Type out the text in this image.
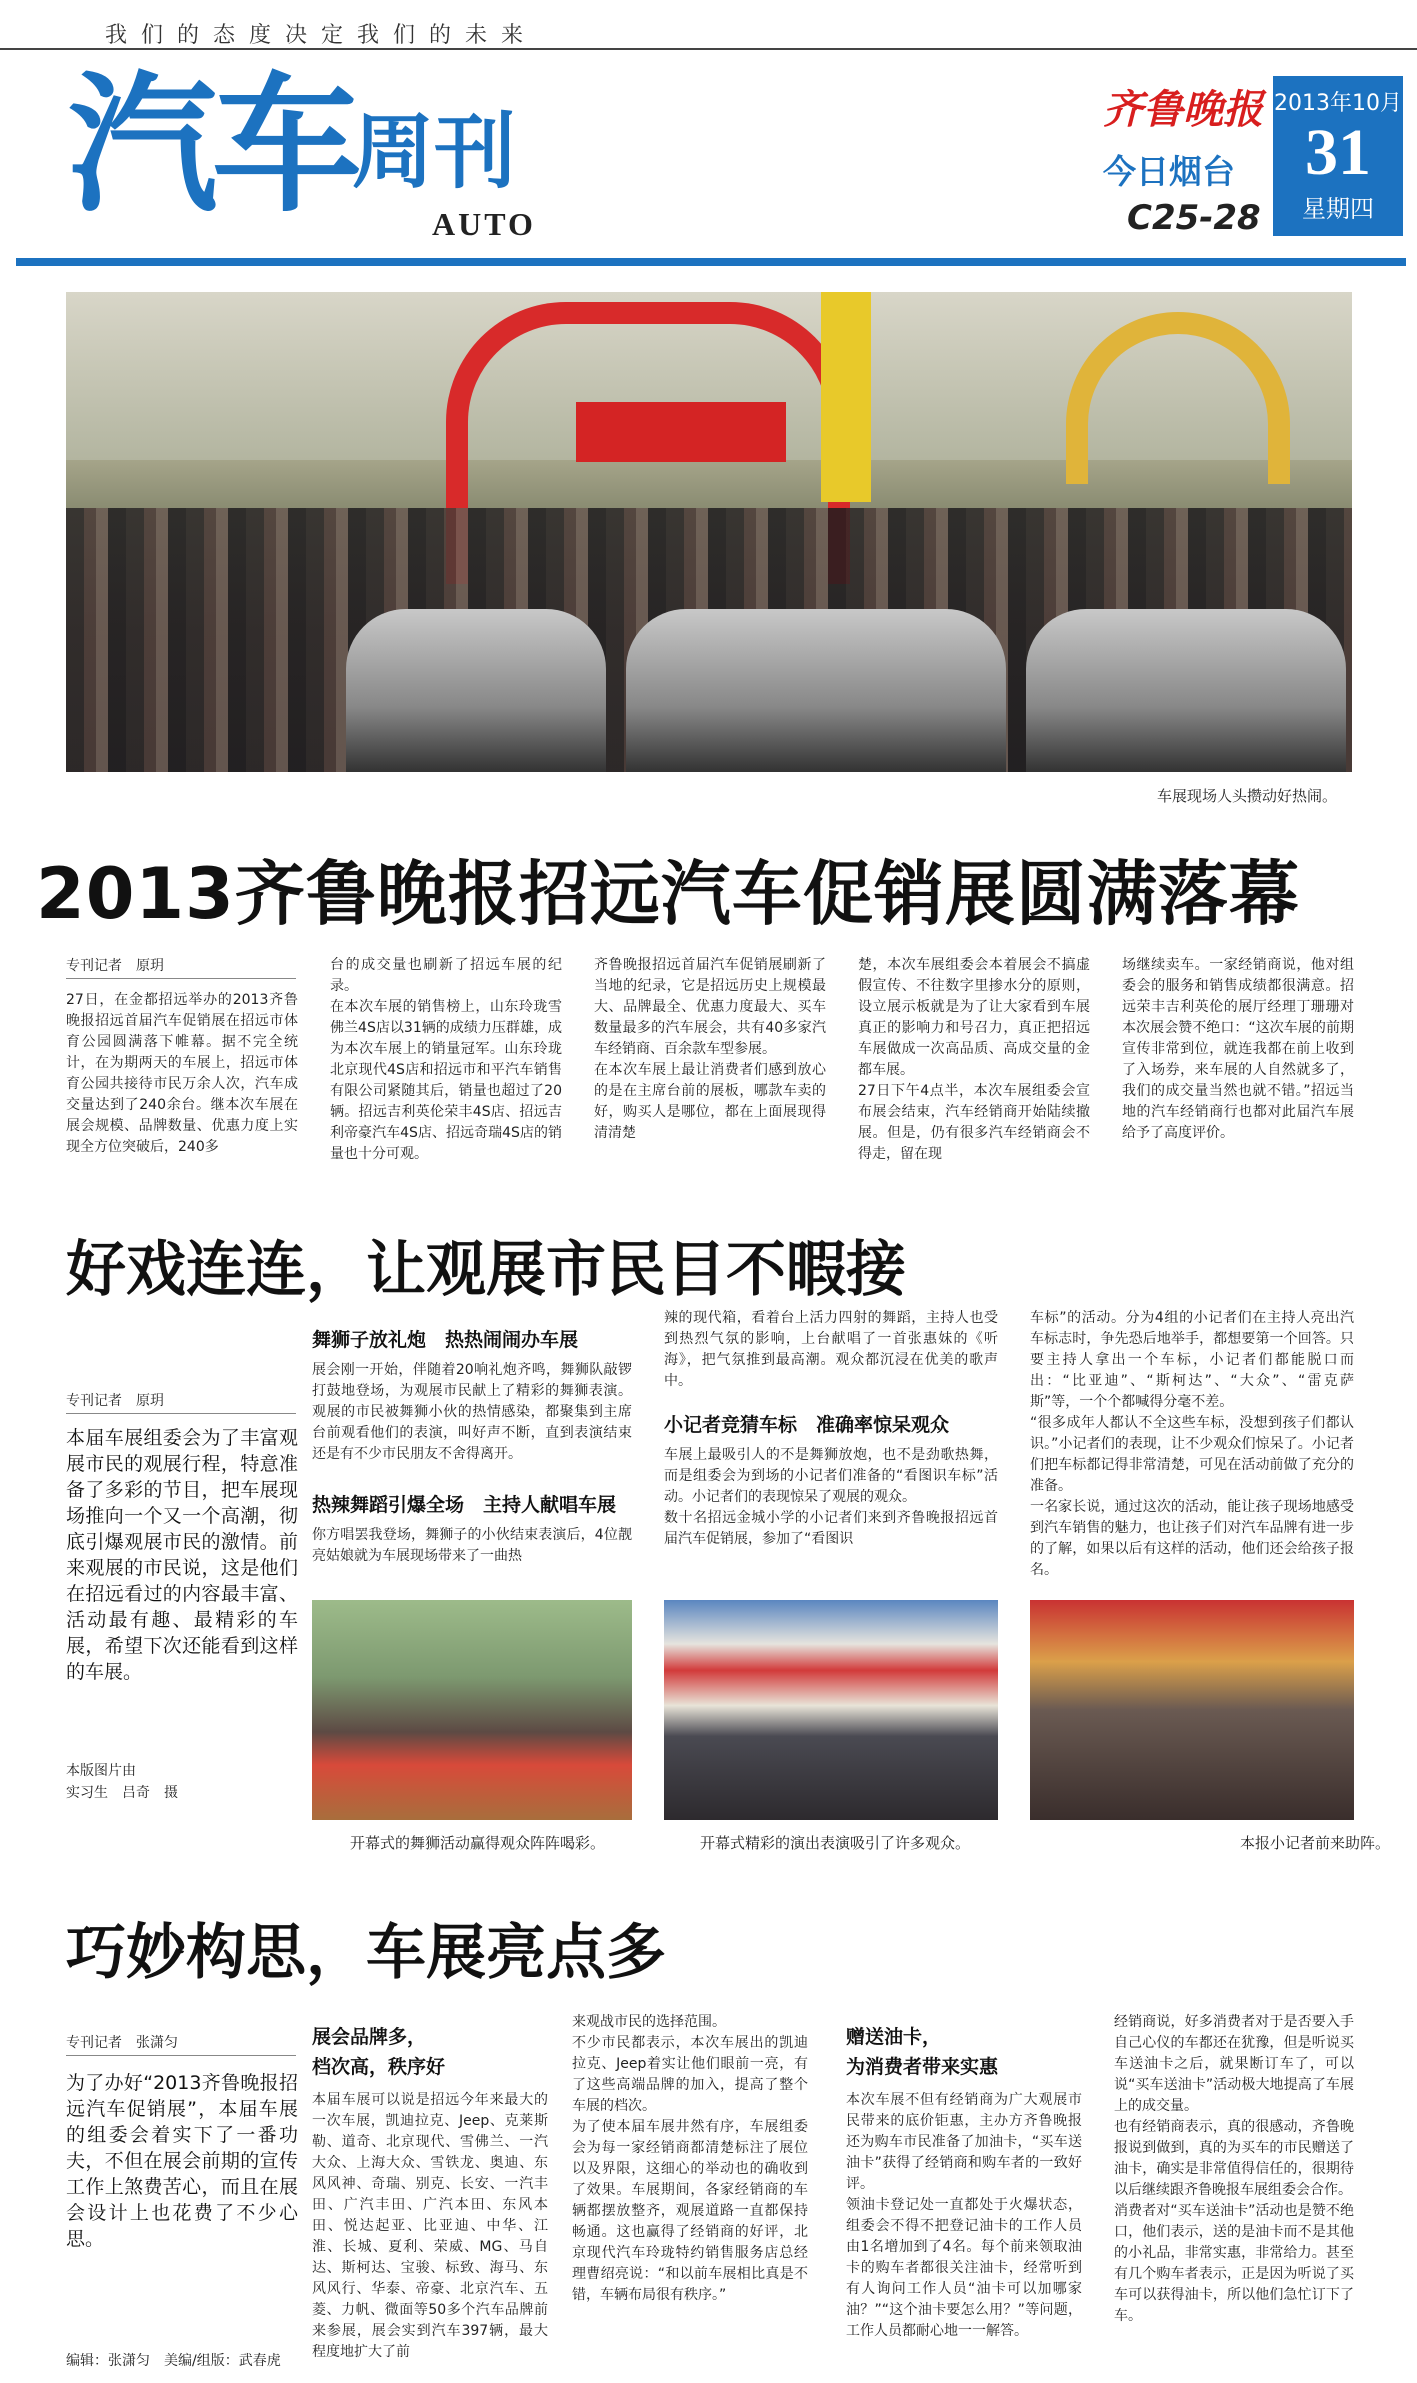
我们的态度决定我们的未来
汽车
周刊
AUTO
齐鲁晚报
今日烟台
C25-28
2013年10月
31
星期四
车展现场人头攒动好热闹。
2013齐鲁晚报招远汽车促销展圆满落幕
专刊记者　原玥
27日，在金都招远举办的2013齐鲁晚报招远首届汽车促销展在招远市体育公园圆满落下帷幕。据不完全统计，在为期两天的车展上，招远市体育公园共接待市民万余人次，汽车成交量达到了240余台。继本次车展在展会规模、品牌数量、优惠力度上实现全方位突破后，240多
台的成交量也刷新了招远车展的纪录。
在本次车展的销售榜上，山东玲珑雪佛兰4S店以31辆的成绩力压群雄，成为本次车展上的销量冠军。山东玲珑北京现代4S店和招远市和平汽车销售有限公司紧随其后，销量也超过了20辆。招远吉利英伦荣丰4S店、招远吉利帝豪汽车4S店、招远奇瑞4S店的销量也十分可观。
齐鲁晚报招远首届汽车促销展刷新了当地的纪录，它是招远历史上规模最大、品牌最全、优惠力度最大、买车数量最多的汽车展会，共有40多家汽车经销商、百余款车型参展。
在本次车展上最让消费者们感到放心的是在主席台前的展板，哪款车卖的好，购买人是哪位，都在上面展现得清清楚
楚，本次车展组委会本着展会不搞虚假宣传、不往数字里掺水分的原则，设立展示板就是为了让大家看到车展真正的影响力和号召力，真正把招远车展做成一次高品质、高成交量的金都车展。
27日下午4点半，本次车展组委会宣布展会结束，汽车经销商开始陆续撤展。但是，仍有很多汽车经销商会不得走，留在现
场继续卖车。一家经销商说，他对组委会的服务和销售成绩都很满意。招远荣丰吉利英伦的展厅经理丁珊珊对本次展会赞不绝口：“这次车展的前期宣传非常到位，就连我都在前上收到了入场券，来车展的人自然就多了，我们的成交量当然也就不错。”招远当地的汽车经销商行也都对此届汽车展给予了高度评价。
好戏连连，让观展市民目不暇接
专刊记者　原玥
本届车展组委会为了丰富观展市民的观展行程，特意准备了多彩的节目，把车展现场推向一个又一个高潮，彻底引爆观展市民的激情。前来观展的市民说，这是他们在招远看过的内容最丰富、活动最有趣、最精彩的车展，希望下次还能看到这样的车展。
本版图片由
实习生　吕奇　摄
舞狮子放礼炮　热热闹闹办车展
展会刚一开始，伴随着20响礼炮齐鸣，舞狮队敲锣打鼓地登场，为观展市民献上了精彩的舞狮表演。观展的市民被舞狮小伙的热情感染，都聚集到主席台前观看他们的表演，叫好声不断，直到表演结束还是有不少市民朋友不舍得离开。
热辣舞蹈引爆全场　主持人献唱车展
你方唱罢我登场，舞狮子的小伙结束表演后，4位靓亮姑娘就为车展现场带来了一曲热
辣的现代箱，看着台上活力四射的舞蹈，主持人也受到热烈气氛的影响，上台献唱了一首张惠妹的《听海》，把气氛推到最高潮。观众都沉浸在优美的歌声中。
小记者竞猜车标　准确率惊呆观众
车展上最吸引人的不是舞狮放炮，也不是劲歌热舞，而是组委会为到场的小记者们准备的“看图识车标”活动。小记者们的表现惊呆了观展的观众。
数十名招远金城小学的小记者们来到齐鲁晚报招远首届汽车促销展，参加了“看图识
车标”的活动。分为4组的小记者们在主持人亮出汽车标志时，争先恐后地举手，都想要第一个回答。只要主持人拿出一个车标，小记者们都能脱口而出：“比亚迪”、“斯柯达”、“大众”、“雷克萨斯”等，一个个都喊得分毫不差。
“很多成年人都认不全这些车标，没想到孩子们都认识。”小记者们的表现，让不少观众们惊呆了。小记者们把车标都记得非常清楚，可见在活动前做了充分的准备。
一名家长说，通过这次的活动，能让孩子现场地感受到汽车销售的魅力，也让孩子们对汽车品牌有进一步的了解，如果以后有这样的活动，他们还会给孩子报名。
开幕式的舞狮活动赢得观众阵阵喝彩。	开幕式精彩的演出表演吸引了许多观众。	本报小记者前来助阵。
巧妙构思，车展亮点多
专刊记者　张潇匀
为了办好“2013齐鲁晚报招远汽车促销展”，本届车展的组委会着实下了一番功夫，不但在展会前期的宣传工作上煞费苦心，而且在展会设计上也花费了不少心思。
展会品牌多，
档次高，秩序好
本届车展可以说是招远今年来最大的一次车展，凯迪拉克、Jeep、克莱斯勒、道奇、北京现代、雪佛兰、一汽大众、上海大众、雪铁龙、奥迪、东风风神、奇瑞、别克、长安、一汽丰田、广汽丰田、广汽本田、东风本田、悦达起亚、比亚迪、中华、江淮、长城、夏利、荣威、MG、马自达、斯柯达、宝骏、标致、海马、东风风行、华泰、帝豪、北京汽车、五菱、力帆、微面等50多个汽车品牌前来参展，展会实到汽车397辆，最大程度地扩大了前
来观战市民的选择范围。
不少市民都表示，本次车展出的凯迪拉克、Jeep着实让他们眼前一亮，有了这些高端品牌的加入，提高了整个车展的档次。
为了使本届车展井然有序，车展组委会为每一家经销商都清楚标注了展位以及界限，这细心的举动也的确收到了效果。车展期间，各家经销商的车辆都摆放整齐，观展道路一直都保持畅通。这也赢得了经销商的好评，北京现代汽车玲珑特约销售服务店总经理曹绍亮说：“和以前车展相比真是不错，车辆布局很有秩序。”
赠送油卡，
为消费者带来实惠
本次车展不但有经销商为广大观展市民带来的底价钜惠，主办方齐鲁晚报还为购车市民准备了加油卡，“买车送油卡”获得了经销商和购车者的一致好评。
领油卡登记处一直都处于火爆状态，组委会不得不把登记油卡的工作人员由1名增加到了4名。每个前来领取油卡的购车者都很关注油卡，经常听到有人询问工作人员“油卡可以加哪家油？”“这个油卡要怎么用？”等问题，工作人员都耐心地一一解答。
经销商说，好多消费者对于是否要入手自己心仪的车都还在犹豫，但是听说买车送油卡之后，就果断订车了，可以说“买车送油卡”活动极大地提高了车展上的成交量。
也有经销商表示，真的很感动，齐鲁晚报说到做到，真的为买车的市民赠送了油卡，确实是非常值得信任的，很期待以后继续跟齐鲁晚报车展组委会合作。
消费者对“买车送油卡”活动也是赞不绝口，他们表示，送的是油卡而不是其他的小礼品，非常实惠，非常给力。甚至有几个购车者表示，正是因为听说了买车可以获得油卡，所以他们急忙订下了车。
编辑：张潇匀　美编/组版：武春虎
